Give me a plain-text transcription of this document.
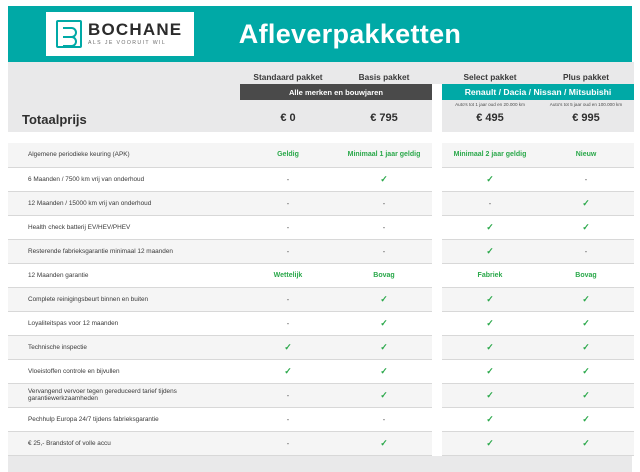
BOCHANE
ALS JE VOORUIT WIL	Afleverpakketten
	Standaard pakket	Basis pakket		Select pakket	Plus pakket
	Alle merken en bouwjaren			Renault / Dacia / Nissan / Mitsubishi	
				Auto's tot 1 jaar oud en 20.000 km	Auto's tot 5 jaar oud en 100.000 km
Totaalprijs	€ 0	€ 795		€ 495	€ 995

Algemene periodieke keuring (APK)	Geldig	Minimaal 1 jaar geldig		Minimaal 2 jaar geldig	Nieuw
6 Maanden / 7500 km vrij van onderhoud	-	✓		✓	-
12 Maanden / 15000 km vrij van onderhoud	-	-		-	✓
Health check batterij EV/HEV/PHEV	-	-		✓	✓
Resterende fabrieksgarantie minimaal 12 maanden	-	-		✓	-
12 Maanden garantie	Wettelijk	Bovag		Fabriek	Bovag
Complete reinigingsbeurt binnen en buiten	-	✓		✓	✓
Loyaliteitspas voor 12 maanden	-	✓		✓	✓
Technische inspectie	✓	✓		✓	✓
Vloeistoffen controle en bijvullen	✓	✓		✓	✓
Vervangend vervoer tegen gereduceerd tarief tijdens garantiewerkzaamheden	-	✓		✓	✓
Pechhulp Europa 24/7 tijdens fabrieksgarantie	-	-		✓	✓
€ 25,- Brandstof of volle accu	-	✓		✓	✓
